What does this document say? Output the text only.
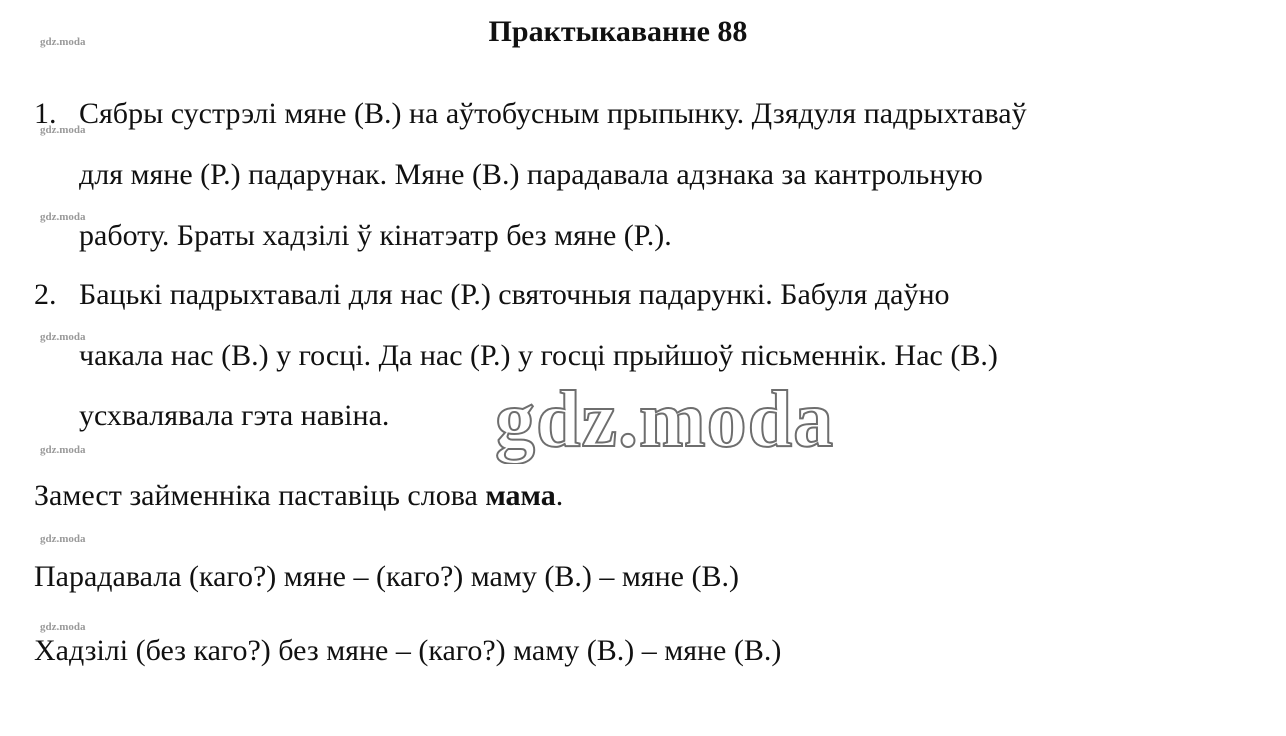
Практыкаванне 88
gdz.moda
gdz.moda
gdz.moda
gdz.moda
gdz.moda
gdz.moda
gdz.moda
1. Сябры сустрэлі мяне (В.) на аўтобусным прыпынку. Дзядуля падрыхтаваў
для мяне (Р.) падарунак. Мяне (В.) парадавала адзнака за кантрольную
работу. Браты хадзілі ў кінатэатр без мяне (Р.).
2. Бацькі падрыхтавалі для нас (Р.) святочныя падарункі. Бабуля даўно
чакала нас (В.) у госці. Да нас (Р.) у госці прыйшоў пісьменнік. Нас (В.)
усхвалявала гэта навіна. gdz.moda
Замест займенніка паставіць слова мама.
Парадавала (каго?) мяне – (каго?) маму (В.) – мяне (В.)
Хадзілі (без каго?) без мяне – (каго?) маму (В.) – мяне (В.)
